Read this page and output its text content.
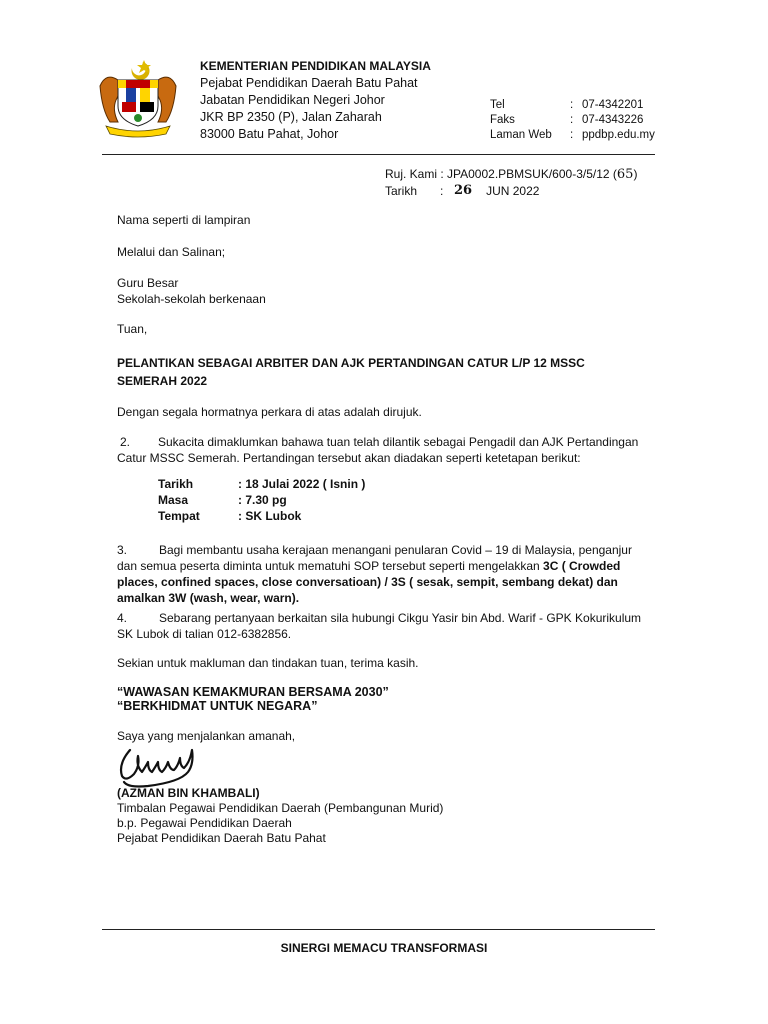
KEMENTERIAN PENDIDIKAN MALAYSIA
Pejabat Pendidikan Daerah Batu Pahat
Jabatan Pendidikan Negeri Johor
JKR BP 2350 (P), Jalan Zaharah
83000 Batu Pahat, Johor
Tel	: 07-4342201
Faks	: 07-4343226
Laman Web	: ppdbp.edu.my
Ruj. Kami : JPA0002.PBMSUK/600-3/5/12 (65)
Tarikh	: 26 JUN 2022
Nama seperti di lampiran
Melalui dan Salinan;
Guru Besar
Sekolah-sekolah berkenaan
Tuan,
PELANTIKAN SEBAGAI ARBITER DAN AJK PERTANDINGAN CATUR L/P 12 MSSC SEMERAH 2022
Dengan segala hormatnya perkara di atas adalah dirujuk.
2. Sukacita dimaklumkan bahawa tuan telah dilantik sebagai Pengadil dan AJK Pertandingan Catur MSSC Semerah. Pertandingan tersebut akan diadakan seperti ketetapan berikut:
Tarikh	: 18 Julai 2022 ( Isnin )
Masa	: 7.30 pg
Tempat	: SK Lubok
3.	Bagi membantu usaha kerajaan menangani penularan Covid – 19 di Malaysia, penganjur dan semua peserta diminta untuk mematuhi SOP tersebut seperti mengelakkan 3C ( Crowded places, confined spaces, close conversatioan) / 3S ( sesak, sempit, sembang dekat) dan amalkan 3W (wash, wear, warn).
4.	Sebarang pertanyaan berkaitan sila hubungi Cikgu Yasir bin Abd. Warif - GPK Kokurikulum SK Lubok di talian 012-6382856.
Sekian untuk makluman dan tindakan tuan, terima kasih.
“WAWASAN KEMAKMURAN BERSAMA 2030”
“BERKHIDMAT UNTUK NEGARA”
Saya yang menjalankan amanah,
(AZMAN BIN KHAMBALI)
Timbalan Pegawai Pendidikan Daerah (Pembangunan Murid)
b.p. Pegawai Pendidikan Daerah
Pejabat Pendidikan Daerah Batu Pahat
SINERGI MEMACU TRANSFORMASI
